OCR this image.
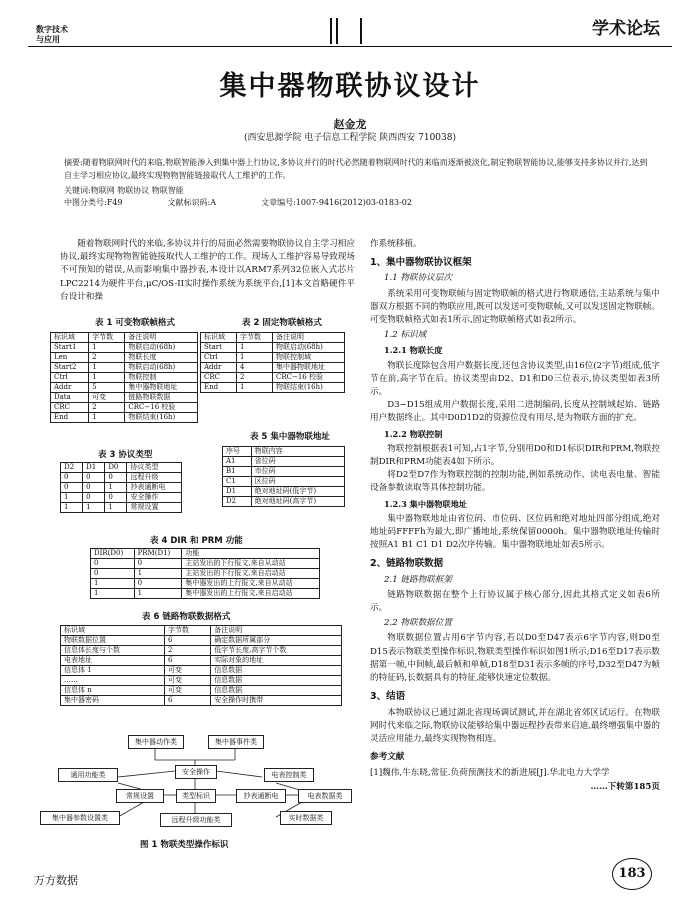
数字技术
与应用	学术论坛
集中器物联协议设计
赵金龙
(西安思源学院 电子信息工程学院 陕西西安 710038)
摘要:随着物联网时代的来临,物联智能渗入到集中器上行协议,多协议并行的时代必然随着物联网时代的来临而逐渐被淡化,制定物联智能协议,能够支持多协议并行,达到自主学习相应协议,最终实现物物智能链接取代人工维护的工作。
关键词:物联网 物联协议 物联智能
中图分类号:F49	文献标识码:A	文章编号:1007-9416(2012)03-0183-02

随着物联网时代的来临,多协议并行的局面必然需要物联协议自主学习相应协议,最终实现物物智能链接取代人工维护的工作。现场人工维护容易导致现场不可预知的错误,从而影响集中器抄表,本设计以ARM7系列32位嵌入式芯片LPC2214为硬件平台,μC/OS-II实时操作系统为系统平台,[1]本文首略硬件平台设计和操

表 1 可变物联帧格式
标识域	字节数	备注说明
Start1	1	物联启动(68h)
Len	2	物联长度
Start2	1	物联启动(68h)
Ctrl	1	物联控制
Addr	5	集中器物联地址
Data	可变	链路物联数据
CRC	2	CRC−16 校验
End	1	物联结束(16h)
表 2 固定物联帧格式
标识域	字节数	备注说明
Start	1	物联启动(68h)
Ctrl	1	物联控制域
Addr	4	集中器物联地址
CRC	2	CRC−16 校验
End	1	物联结束(16h)
表 5 集中器物联地址
序号	物联内容
A1	省位码
B1	市位码
C1	区位码
D1	绝对地址码(低字节)
D2	绝对地址码(高字节)
表 3 协议类型
D2	D1	D0	协议类型
0	0	0	远程升级
0	0	1	抄表通断电
1	0	0	安全操作
1	1	1	常规设置
表 4 DIR 和 PRM 功能
DIR(D0)	PRM(D1)	功能
0	0	主站发出的下行报文,来自从动站
0	1	主站发出的下行报文,来自启动站
1	0	集中器发出的上行报文,来自从动站
1	1	集中器发出的上行报文,来自启动站
表 6 链路物联数据格式
标识域	字节数	备注说明
物联数据位置	6	确定数据所属部分
信息体长度与个数	2	低字节长度,高字节个数
电表地址	6	实际对象的地址
信息体 1	可变	信息数据
……	可变	信息数据
信息体 n	可变	信息数据
集中器密码	6	安全操作时携带
集中器动作类	集中器事件类
通用功能类	安全操作	电表控制类
常规设置	类型标识	抄表通断电	电表数据类
集中器参数设置类	远程升级功能类	实时数据类
图 1 物联类型操作标识

作系统移植。

1、集中器物联协议框架
1.1 物联协议层次

系统采用可变物联帧与固定物联帧的格式进行物联通信,主站系统与集中器双方根据不同的物联应用,既可以发送可变物联帧,又可以发送固定物联帧。可变物联帧格式如表1所示,固定物联帧格式如表2所示。

1.2 标识域
1.2.1 物联长度

物联长度除包含用户数据长度,还包含协议类型,由16位(2字节)组成,低字节在前,高字节在后。协议类型由D2、D1和D0三位表示,协议类型如表3所示。

D3−D15组成用户数据长度,采用二进制编码,长度从控制域起始、链路用户数据终止。其中D0D1D2的资源位没有用尽,是为物联方面的扩充。

1.2.2 物联控制

物联控制根据表1可知,占1字节,分别用D0和D1标识DIR和PRM,物联控制DIR和PRM功能表4如下所示。

将D2至D7作为物联控制的控制功能,例如系统动作、读电表电量、智能设备参数读取等具体控制功能。

1.2.3 集中器物联地址

集中器物联地址由省位码、市位码、区位码和绝对地址四部分组成,绝对地址码FFFFh为最大,即广播地址,系统保留0000h。集中器物联地址传输时按照A1 B1 C1 D1 D2次序传输。集中器物联地址如表5所示。

2、链路物联数据
2.1 链路物联框架

链路物联数据在整个上行协议属于核心部分,因此其格式定义如表6所示。

2.2 物联数据位置

物联数据位置占用6字节内容,若以D0至D47表示6字节内容,则D0至D15表示物联类型操作标识,物联类型操作标识如图1所示;D16至D17表示数据第一帧,中间帧,最后帧和单帧,D18至D31表示多帧的序号,D32至D47为帧的特征码,长数据具有的特征,能够快速定位数据。

3、结语

本物联协议已通过湖北省现场调试测试,并在湖北省郊区试运行。在物联网时代来临之际,物联协议能够给集中器远程抄表带来启迪,最终增强集中器的灵活应用能力,最终实现物物相连。

参考文献

[1]魏伟,牛东晓,常征.负荷预测技术的新进展[J].华北电力大学学

……下转第185页

万方数据	183
